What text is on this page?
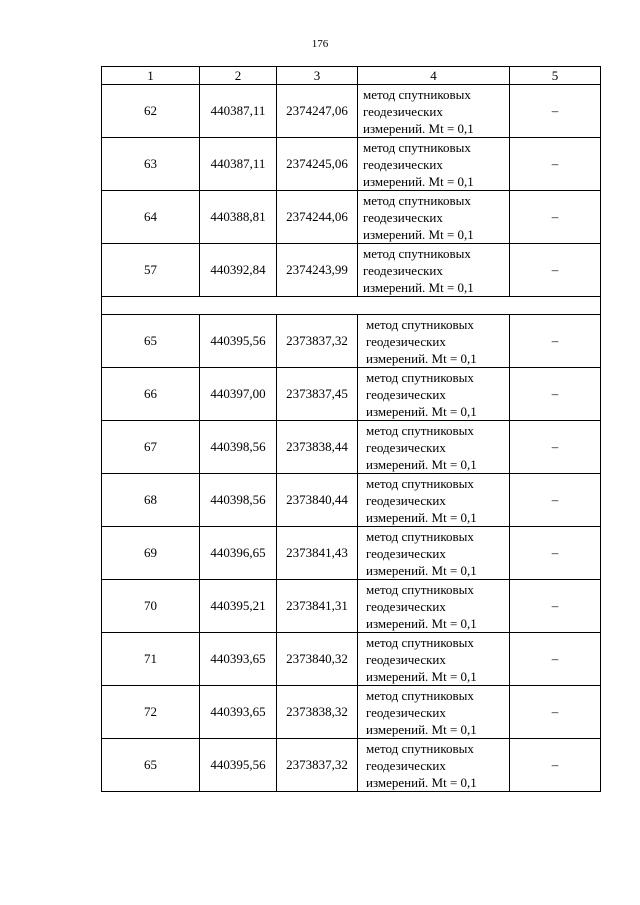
176
1	2	3	4	5
62	440387,11	2374247,06	метод спутниковых
геодезических
измерений. Mt = 0,1	–
63	440387,11	2374245,06	метод спутниковых
геодезических
измерений. Mt = 0,1	–
64	440388,81	2374244,06	метод спутниковых
геодезических
измерений. Mt = 0,1	–
57	440392,84	2374243,99	метод спутниковых
геодезических
измерений. Mt = 0,1	–

65	440395,56	2373837,32	метод спутниковых
геодезических
измерений. Mt = 0,1	–
66	440397,00	2373837,45	метод спутниковых
геодезических
измерений. Mt = 0,1	–
67	440398,56	2373838,44	метод спутниковых
геодезических
измерений. Mt = 0,1	–
68	440398,56	2373840,44	метод спутниковых
геодезических
измерений. Mt = 0,1	–
69	440396,65	2373841,43	метод спутниковых
геодезических
измерений. Mt = 0,1	–
70	440395,21	2373841,31	метод спутниковых
геодезических
измерений. Mt = 0,1	–
71	440393,65	2373840,32	метод спутниковых
геодезических
измерений. Mt = 0,1	–
72	440393,65	2373838,32	метод спутниковых
геодезических
измерений. Mt = 0,1	–
65	440395,56	2373837,32	метод спутниковых
геодезических
измерений. Mt = 0,1	–
